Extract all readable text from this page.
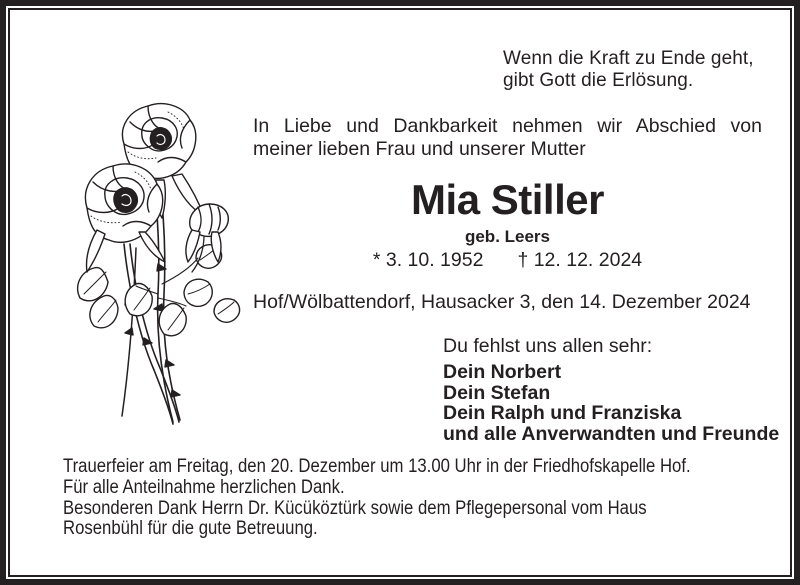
Wenn die Kraft zu Ende geht,
gibt Gott die Erlösung.
In Liebe und Dankbarkeit nehmen wir Abschied von
meiner lieben Frau und unserer Mutter
Mia Stiller
geb. Leers
* 3. 10. 1952 † 12. 12. 2024
Hof/Wölbattendorf, Hausacker 3, den 14. Dezember 2024
Du fehlst uns allen sehr:
Dein Norbert
Dein Stefan
Dein Ralph und Franziska
und alle Anverwandten und Freunde
Trauerfeier am Freitag, den 20. Dezember um 13.00 Uhr in der Friedhofskapelle Hof.
Für alle Anteilnahme herzlichen Dank.
Besonderen Dank Herrn Dr. Kücüköztürk sowie dem Pflegepersonal vom Haus
Rosenbühl für die gute Betreuung.
